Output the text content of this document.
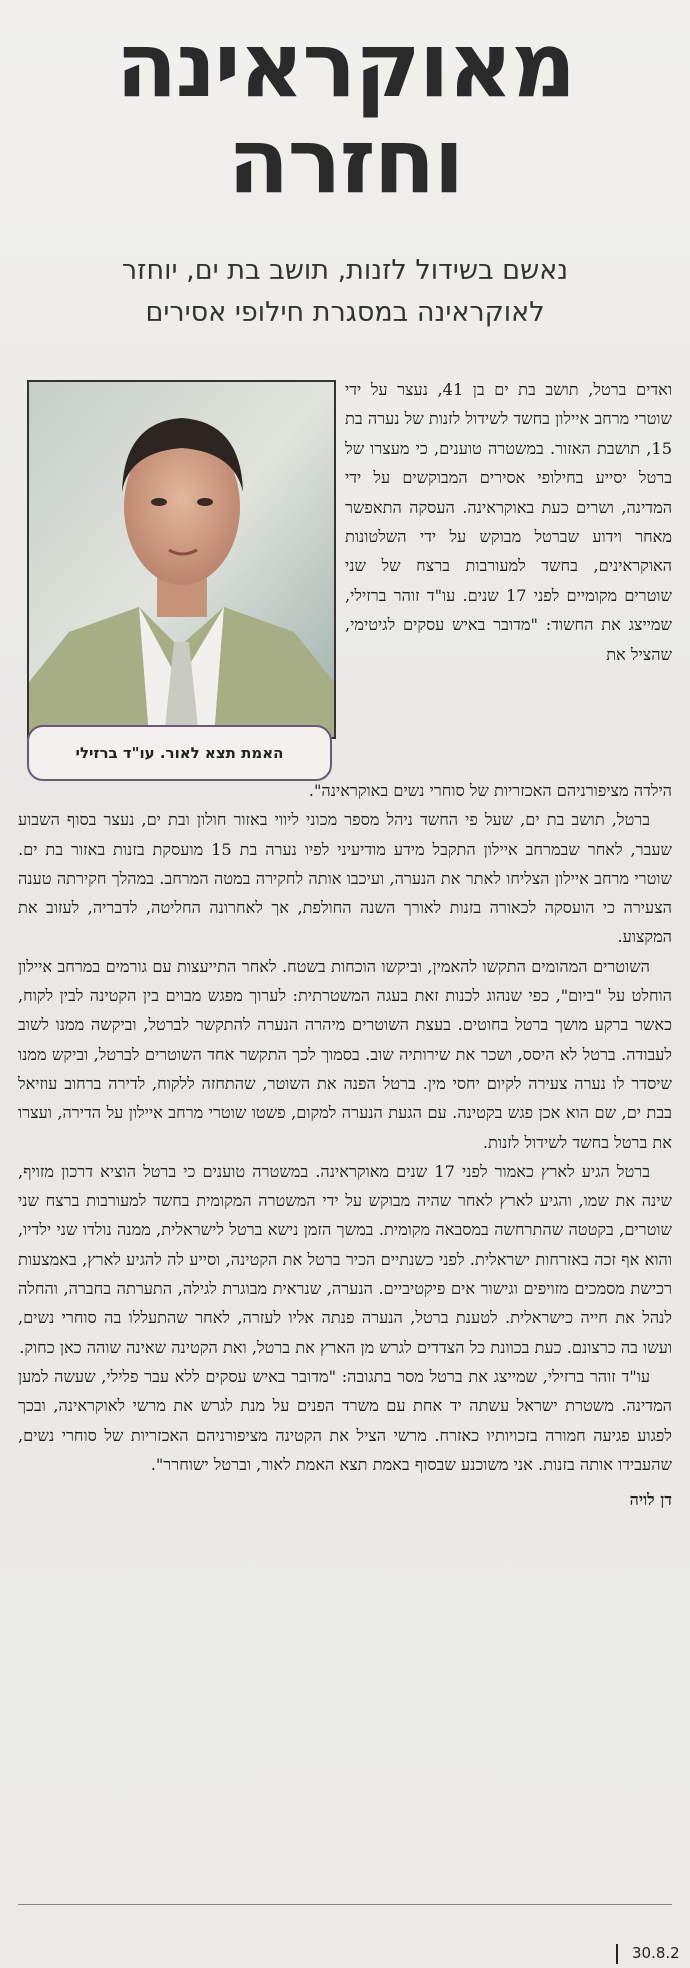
מאוקראינה
וחזרה
נאשם בשידול לזנות, תושב בת ים, יוחזר
לאוקראינה במסגרת חילופי אסירים
האמת תצא לאור. עו"ד ברזילי

ואדים ברטל, תושב בת ים בן 41, נעצר על ידי שוטרי מרחב איילון בחשד לשידול לזנות של נערה בת 15, תושבת האזור. במשטרה טוענים, כי מעצרו של ברטל יסייע בחילופי אסירים המבוקשים על ידי המדינה, ושרים כעת באוקראינה. העסקה התאפשר מאחר וידוע שברטל מבוקש על ידי השלטונות האוקראינים, בחשד למעורבות ברצח של שני שוטרים מקומיים לפני 17 שנים. עו"ד זוהר ברזילי, שמייצג את החשוד: "מדובר באיש עסקים לגיטימי, שהציל את

הילדה מציפורניהם האכזריות של סוחרי נשים באוקראינה".

ברטל, תושב בת ים, שעל פי החשד ניהל מספר מכוני ליווי באזור חולון ובת ים, נעצר בסוף השבוע שעבר, לאחר שבמרחב איילון התקבל מידע מודיעיני לפיו נערה בת 15 מועסקת בזנות באזור בת ים. שוטרי מרחב איילון הצליחו לאתר את הנערה, ועיכבו אותה לחקירה במטה המרחב. במהלך חקירתה טענה הצעירה כי הועסקה לכאורה בזנות לאורך השנה החולפת, אך לאחרונה החליטה, לדבריה, לעזוב את המקצוע.

השוטרים המהומים התקשו להאמין, וביקשו הוכחות בשטח. לאחר התייעצות עם גורמים במרחב איילון הוחלט על "ביום", כפי שנהוג לכנות זאת בעגה המשטרתית: לערוך מפגש מבוים בין הקטינה לבין לקוח, כאשר ברקע מושך ברטל בחוטים. בעצת השוטרים מיהרה הנערה להתקשר לברטל, וביקשה ממנו לשוב לעבודה. ברטל לא היסס, ושכר את שירותיה שוב. בסמוך לכך התקשר אחד השוטרים לברטל, וביקש ממנו שיסדר לו נערה צעירה לקיום יחסי מין. ברטל הפנה את השוטר, שהתחזה ללקוח, לדירה ברחוב עוזיאל בבת ים, שם הוא אכן פגש בקטינה. עם הגעת הנערה למקום, פשטו שוטרי מרחב איילון על הדירה, ועצרו את ברטל בחשד לשידול לזנות.

ברטל הגיע לארץ כאמור לפני 17 שנים מאוקראינה. במשטרה טוענים כי ברטל הוציא דרכון מזויף, שינה את שמו, והגיע לארץ לאחר שהיה מבוקש על ידי המשטרה המקומית בחשד למעורבות ברצח שני שוטרים, בקטטה שהתרחשה במסבאה מקומית. במשך הזמן נישא ברטל לישראלית, ממנה נולדו שני ילדיו, והוא אף זכה באזרחות ישראלית. לפני כשנתיים הכיר ברטל את הקטינה, וסייע לה להגיע לארץ, באמצעות רכישת מסמכים מזויפים וגישור אים פיקטיביים. הנערה, שנראית מבוגרת לגילה, התערתה בחברה, והחלה לנהל את חייה כישראלית. לטענת ברטל, הנערה פנתה אליו לעזרה, לאחר שהתעללו בה סוחרי נשים, ועשו בה כרצונם. כעת בכוונת כל הצדדים לגרש מן הארץ את ברטל, ואת הקטינה שאינה שוהה כאן כחוק.

עו"ד זוהר ברזילי, שמייצג את ברטל מסר בתגובה: "מדובר באיש עסקים ללא עבר פלילי, שעשה למען המדינה. משטרת ישראל עשתה יד אחת עם משרד הפנים על מנת לגרש את מרשי לאוקראינה, ובכך לפגוע פגיעה חמורה בזכויותיו כאזרח. מרשי הציל את הקטינה מציפורניהם האכזריות של סוחרי נשים, שהעבידו אותה בזנות. אני משוכנע שבסוף באמת תצא האמת לאור, וברטל ישוחרר".

דן לויה
30.8.2
